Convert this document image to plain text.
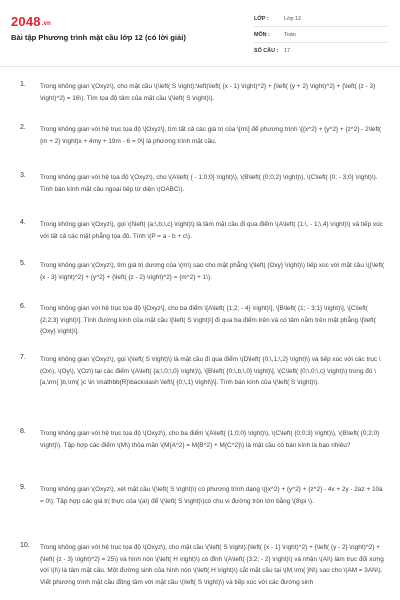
2048.vn
Bài tập Phương trình mặt cầu lớp 12 (có lời giải)
LỚP :	Lớp 12
MÔN :	Toán
SỐ CÂU :	17
1. Trong không gian \(Oxyz\), cho mặt cầu \(\left( S \right):\left(\left( {x - 1} \right)^2} + {\left( {y + 2} \right)^2} + {\left( {z - 3} \right)^2} = 16\). Tìm tọa độ tâm của mặt cầu \(\left( S \right)\).
2. Trong không gian với hệ trục tọa độ \[Oxyz\], tìm tất cả các giá trị của \[m\] để phương trình \[{x^2} + {y^2} + {z^2} - 2\left( {m + 2} \right)x + 4my + 19m - 6 = 0\] là phương trình mặt cầu.
3. Trong không gian với hệ tọa độ \(Oxyz\), cho \(A\left( { - 1;0;0} \right)\), \(B\left( {0;0;2} \right)\), \(C\left( {0; - 3;0} \right)\). Tính bán kính mặt cầu ngoại tiếp tứ diện \(OABC\).
4. Trong không gian \(Oxyz\), gọi \(I\left( {a;\,b;\,c} \right)\) là tâm mặt cầu đi qua điểm \(A\left( {1;\, - 1;\,4} \right)\) và tiếp xúc với tất cả các mặt phẳng tọa độ. Tính \(P = a - b + c\).
5. Trong không gian \(Oxyz\), tìm giá trị dương của \(m\) sao cho mặt phẳng \(\left( {Oxy} \right)\) tiếp xúc với mặt cầu \({\left( {x - 3} \right)^2} + {y^2} + {\left( {z - 2} \right)^2} = {m^2} + 1\).
6. Trong không gian với hệ trục tọa độ \[Oxyz\], cho ba điểm \[A\left( {1;2; - 4} \right)\], \[B\left( {1; - 3;1} \right)\], \[C\left( {2;2;3} \right)\]. Tính đường kính của mặt cầu \[\left( S \right)\] đi qua ba điểm trên và có tâm nằm trên mặt phẳng \[\left( {Oxy} \right)\].
7. Trong không gian \(Oxyz\), gọi \(\left( S \right)\) là mặt cầu đi qua điểm \(D\left( {0;\,1;\,2} \right)\) và tiếp xúc với các trục \(Ox\), \(Oy\), \(Oz\) tại các điểm \(A\left( {a;\,0;\,0} \right)\), \[B\left( {0;\,b;\,0} \right)\], \(C\left( {0;\,0;\,c} \right)\) trong đó \[a,\rm{ }b,\rm{ }c \in \mathbb{R}\backslash \left\{ {0;\,1} \right\}\]. Tính bán kính của \(\left( S \right)\).
8. Trong không gian với hệ trục tọa độ \(Oxyz\), cho ba điểm \(A\left( {1;0;0} \right)\), \(C\left( {0;0;3} \right)\), \(B\left( {0;2;0} \right)\). Tập hợp các điểm \(M\) thỏa mãn \(M{A^2} = M{B^2} + M{C^2}\) là mặt cầu có bán kính là bao nhiêu?
9. Trong không gian \(Oxyz\), xét mặt cầu \(\left( S \right)\) có phương trình dạng \({x^2} + {y^2} + {z^2} - 4x + 2y - 2az + 10a = 0\). Tập hợp các giá trị thực của \(a\) để \(\left( S \right)\)có chu vi đường tròn lớn bằng \(8\pi \).
10. Trong không gian với hệ trục tọa độ \(Oxyz\), cho mặt cầu \(\left( S \right):{\left( {x - 1} \right)^2} + {\left( {y - 2} \right)^2} + {\left( {z - 3} \right)^2} = 25\) và hình nón \(\left( H \right)\) có đỉnh \(A\left( {3;2; - 2} \right)\) và nhận \(AI\) làm trục đối xứng với \(I\) là tâm mặt cầu. Một đường sinh của hình nón \(\left( H \right)\) cắt mặt cầu tại \(M,\rm{ }N\) sao cho \(AM = 3AN\). Viết phương trình mặt cầu đồng tâm với mặt cầu \(\left( S \right)\) và tiếp xúc với các đường sinh
